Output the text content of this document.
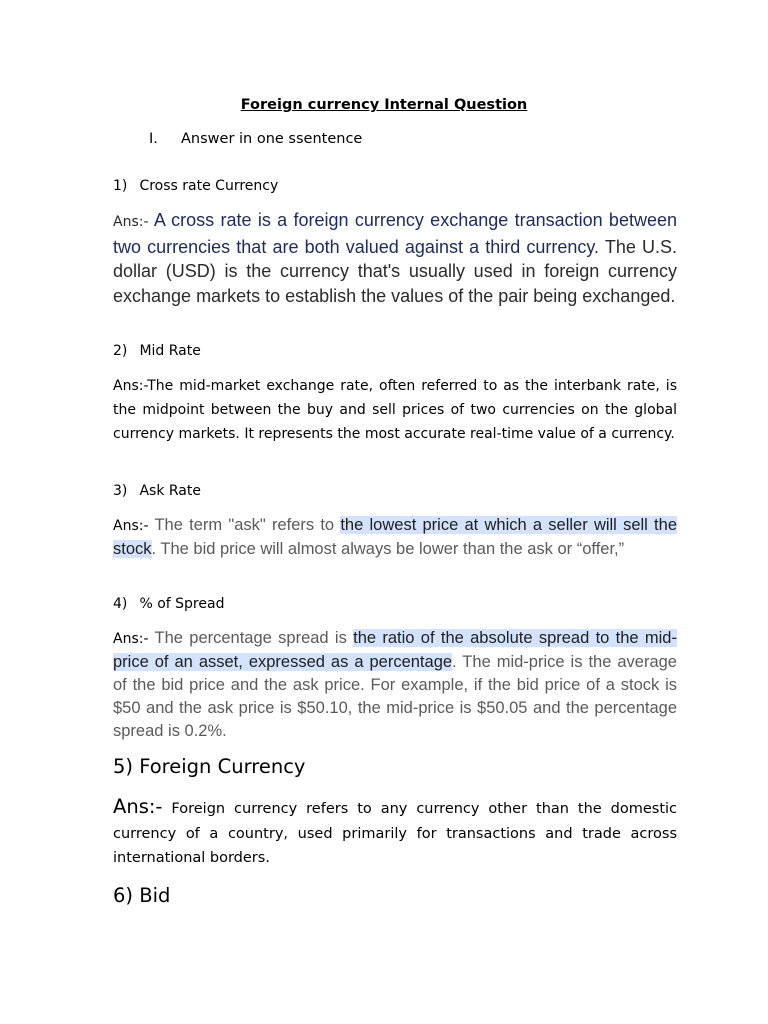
Foreign currency Internal Question
I. Answer in one ssentence
1) Cross rate Currency
Ans:- A cross rate is a foreign currency exchange transaction between two currencies that are both valued against a third currency. The U.S. dollar (USD) is the currency that's usually used in foreign currency exchange markets to establish the values of the pair being exchanged.
2) Mid Rate
Ans:-The mid-market exchange rate, often referred to as the interbank rate, is the midpoint between the buy and sell prices of two currencies on the global currency markets. It represents the most accurate real-time value of a currency.
3) Ask Rate
Ans:- The term "ask" refers to the lowest price at which a seller will sell the stock. The bid price will almost always be lower than the ask or “offer,”
4) % of Spread
Ans:- The percentage spread is the ratio of the absolute spread to the mid-price of an asset, expressed as a percentage. The mid-price is the average of the bid price and the ask price. For example, if the bid price of a stock is $50 and the ask price is $50.10, the mid-price is $50.05 and the percentage spread is 0.2%.
5) Foreign Currency
Ans:- Foreign currency refers to any currency other than the domestic currency of a country, used primarily for transactions and trade across international borders.
6) Bid
